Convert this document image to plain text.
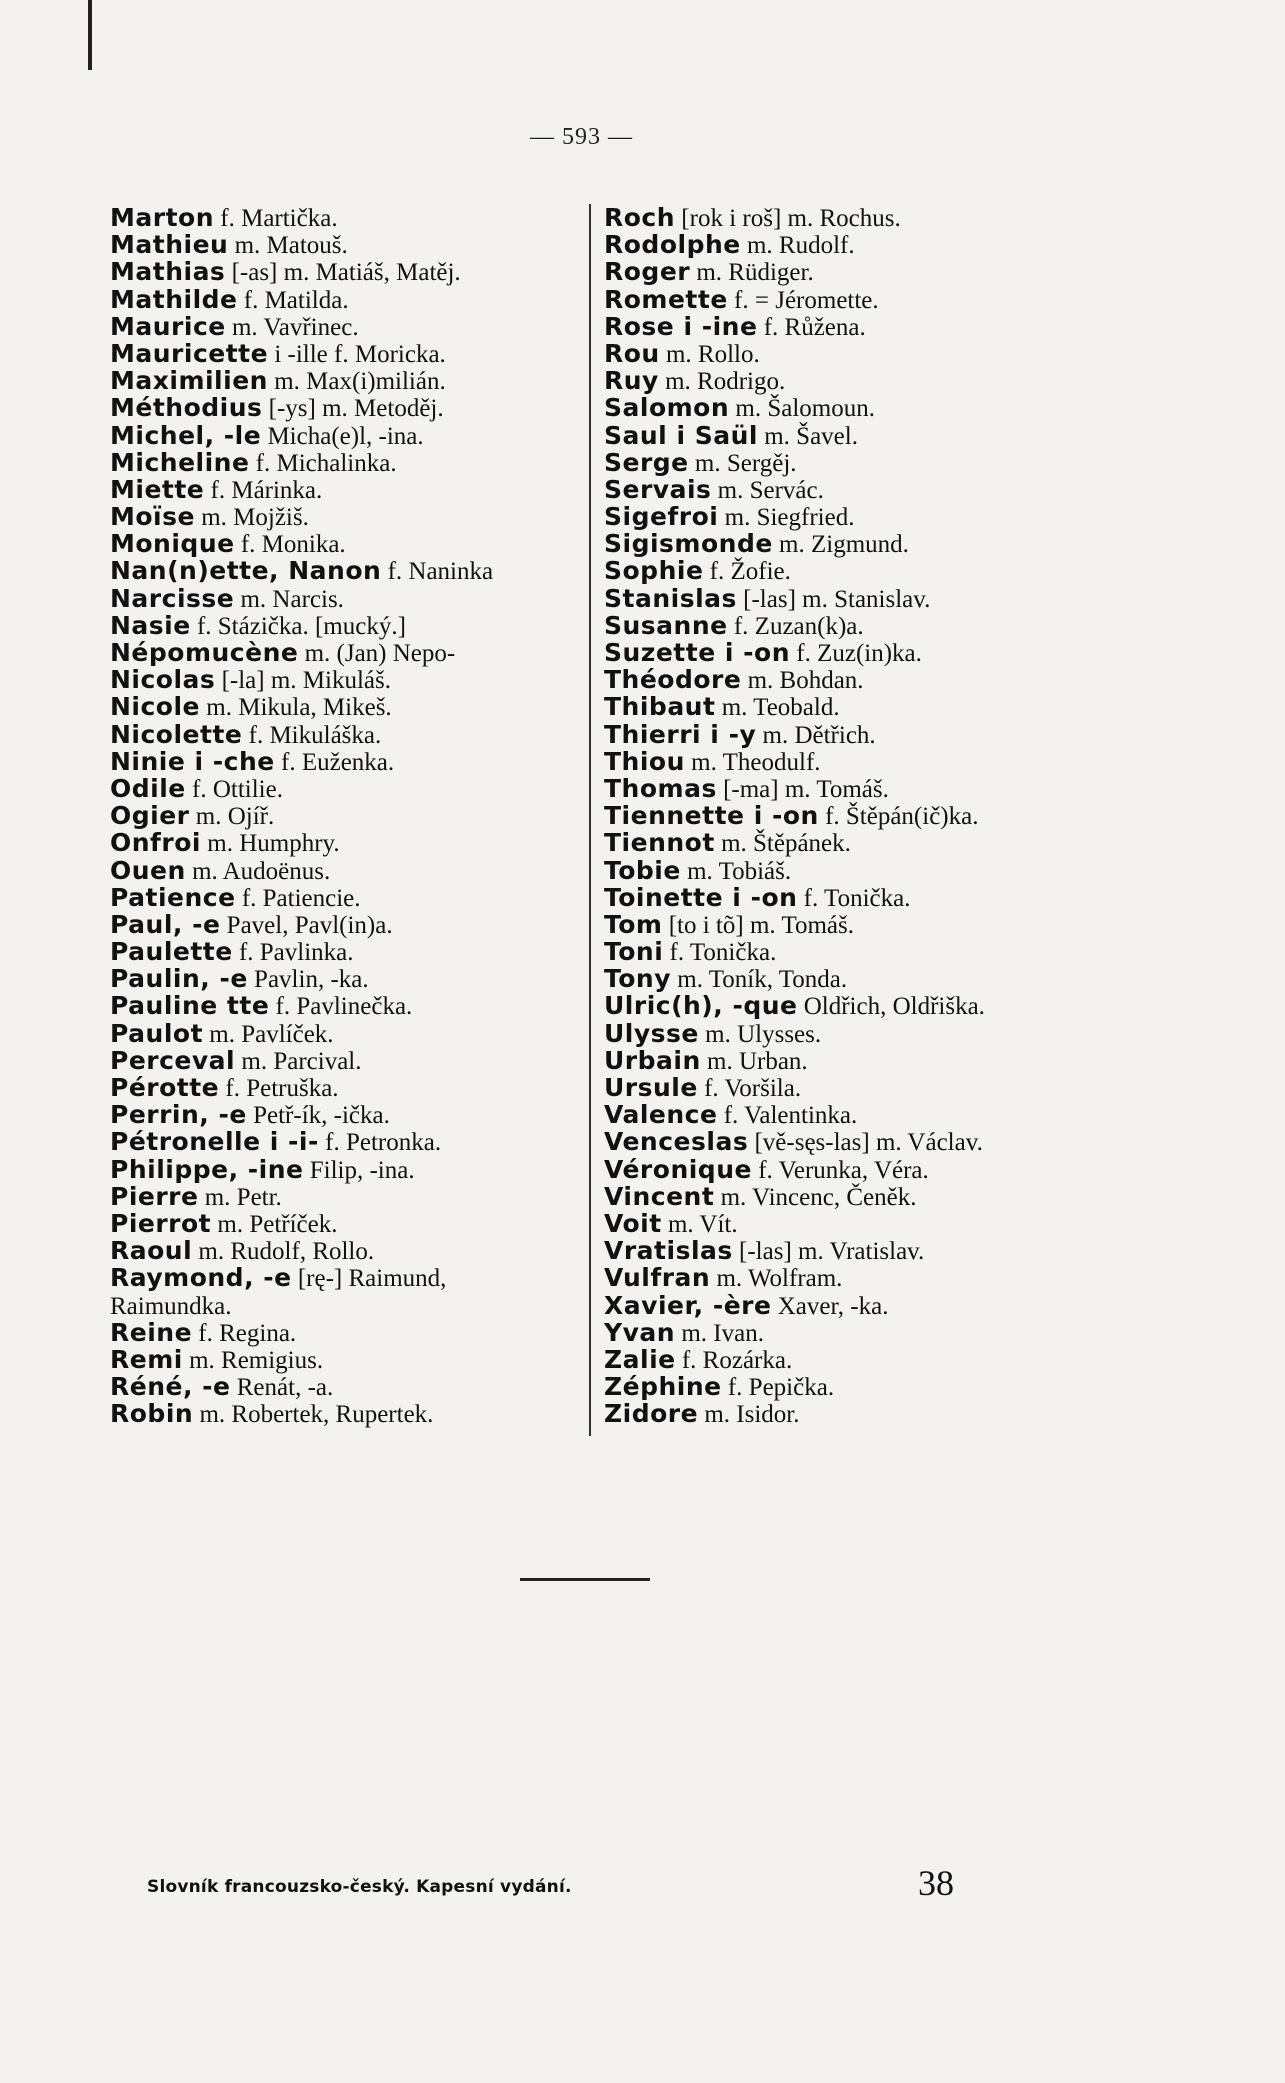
— 593 —
Marton f. Martička.
Mathieu m. Matouš.
Mathias [-as] m. Matiáš, Matěj.
Mathilde f. Matilda.
Maurice m. Vavřinec.
Mauricette i -ille f. Moricka.
Maximilien m. Max(i)milián.
Méthodius [-ys] m. Metoděj.
Michel, -le Micha(e)l, -ina.
Micheline f. Michalinka.
Miette f. Márinka.
Moïse m. Mojžiš.
Monique f. Monika.
Nan(n)ette, Nanon f. Naninka
Narcisse m. Narcis.
Nasie f. Stázička. [mucký.]
Népomucène m. (Jan) Nepo-
Nicolas [-la] m. Mikuláš.
Nicole m. Mikula, Mikeš.
Nicolette f. Mikuláška.
Ninie i -che f. Euženka.
Odile f. Ottilie.
Ogier m. Ojíř.
Onfroi m. Humphry.
Ouen m. Audoënus.
Patience f. Patiencie.
Paul, -e Pavel, Pavl(in)a.
Paulette f. Pavlinka.
Paulin, -e Pavlin, -ka.
Pauline tte f. Pavlinečka.
Paulot m. Pavlíček.
Perceval m. Parcival.
Pérotte f. Petruška.
Perrin, -e Petř-ík, -ička.
Pétronelle i -i- f. Petronka.
Philippe, -ine Filip, -ina.
Pierre m. Petr.
Pierrot m. Petříček.
Raoul m. Rudolf, Rollo.
Raymond, -e [rę-] Raimund,
Raimundka.
Reine f. Regina.
Remi m. Remigius.
Réné, -e Renát, -a.
Robin m. Robertek, Rupertek.
Roch [rok i roš] m. Rochus.
Rodolphe m. Rudolf.
Roger m. Rüdiger.
Romette f. = Jéromette.
Rose i -ine f. Růžena.
Rou m. Rollo.
Ruy m. Rodrigo.
Salomon m. Šalomoun.
Saul i Saül m. Šavel.
Serge m. Sergěj.
Servais m. Servác.
Sigefroi m. Siegfried.
Sigismonde m. Zigmund.
Sophie f. Žofie.
Stanislas [-las] m. Stanislav.
Susanne f. Zuzan(k)a.
Suzette i -on f. Zuz(in)ka.
Théodore m. Bohdan.
Thibaut m. Teobald.
Thierri i -y m. Dětřich.
Thiou m. Theodulf.
Thomas [-ma] m. Tomáš.
Tiennette i -on f. Štěpán(ič)ka.
Tiennot m. Štěpánek.
Tobie m. Tobiáš.
Toinette i -on f. Tonička.
Tom [to i tõ] m. Tomáš.
Toni f. Tonička.
Tony m. Toník, Tonda.
Ulric(h), -que Oldřich, Oldřiška.
Ulysse m. Ulysses.
Urbain m. Urban.
Ursule f. Voršila.
Valence f. Valentinka.
Venceslas [vě-sęs-las] m. Václav.
Véronique f. Verunka, Véra.
Vincent m. Vincenc, Čeněk.
Voit m. Vít.
Vratislas [-las] m. Vratislav.
Vulfran m. Wolfram.
Xavier, -ère Xaver, -ka.
Yvan m. Ivan.
Zalie f. Rozárka.
Zéphine f. Pepička.
Zidore m. Isidor.
Slovník francouzsko-český. Kapesní vydání.	38
